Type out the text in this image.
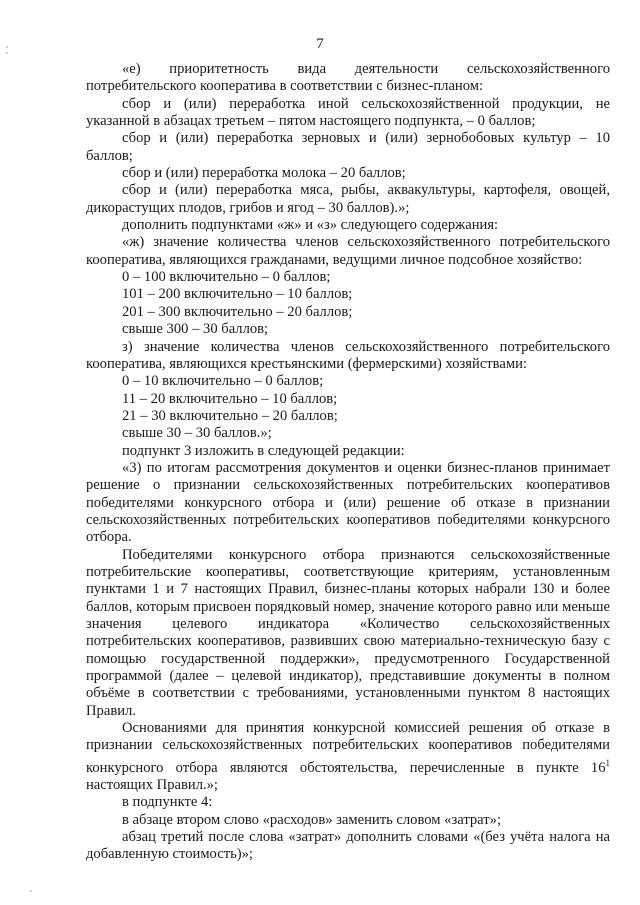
7

«е) приоритетность вида деятельности сельскохозяйственного потребительского кооператива в соответствии с бизнес-планом:

сбор и (или) переработка иной сельскохозяйственной продукции, не указанной в абзацах третьем – пятом настоящего подпункта, – 0 баллов;

сбор и (или) переработка зерновых и (или) зернобобовых культур – 10 баллов;

сбор и (или) переработка молока – 20 баллов;

сбор и (или) переработка мяса, рыбы, аквакультуры, картофеля, овощей, дикорастущих плодов, грибов и ягод – 30 баллов).»;

дополнить подпунктами «ж» и «з» следующего содержания:

«ж) значение количества членов сельскохозяйственного потребительского кооператива, являющихся гражданами, ведущими личное подсобное хозяйство:

0 – 100 включительно – 0 баллов;

101 – 200 включительно – 10 баллов;

201 – 300 включительно – 20 баллов;

свыше 300 – 30 баллов;

з) значение количества членов сельскохозяйственного потребительского кооператива, являющихся крестьянскими (фермерскими) хозяйствами:

0 – 10 включительно – 0 баллов;

11 – 20 включительно – 10 баллов;

21 – 30 включительно – 20 баллов;

свыше 30 – 30 баллов.»;

подпункт 3 изложить в следующей редакции:

«3) по итогам рассмотрения документов и оценки бизнес-планов принимает решение о признании сельскохозяйственных потребительских кооперативов победителями конкурсного отбора и (или) решение об отказе в признании сельскохозяйственных потребительских кооперативов победителями конкурсного отбора.

Победителями конкурсного отбора признаются сельскохозяйственные потребительские кооперативы, соответствующие критериям, установленным пунктами 1 и 7 настоящих Правил, бизнес-планы которых набрали 130 и более баллов, которым присвоен порядковый номер, значение которого равно или меньше значения целевого индикатора «Количество сельскохозяйственных потребительских кооперативов, развивших свою материально-техническую базу с помощью государственной поддержки», предусмотренного Государственной программой (далее – целевой индикатор), представившие документы в полном объёме в соответствии с требованиями, установленными пунктом 8 настоящих Правил.

Основаниями для принятия конкурсной комиссией решения об отказе в признании сельскохозяйственных потребительских кооперативов победителями конкурсного отбора являются обстоятельства, перечисленные в пункте $16^1$ настоящих Правил.»;

в подпункте 4:

в абзаце втором слово «расходов» заменить словом «затрат»;

абзац третий после слова «затрат» дополнить словами «(без учёта налога на добавленную стоимость)»;
